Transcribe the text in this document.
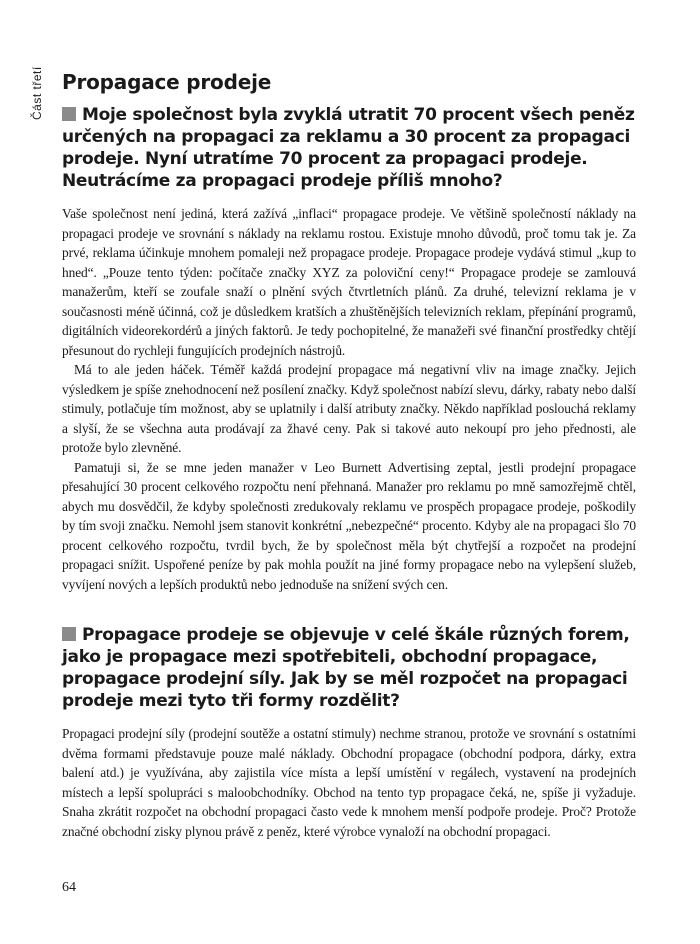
Část třetí Propagace prodeje
Moje společnost byla zvyklá utratit 70 procent všech peněz určených na propagaci za reklamu a 30 procent za propagaci prodeje. Nyní utratíme 70 procent za propagaci prodeje. Neutrácíme za propagaci prodeje příliš mnoho?

Vaše společnost není jediná, která zažívá „inflaci“ propagace prodeje. Ve většině společností náklady na propagaci prodeje ve srovnání s náklady na reklamu rostou. Existuje mnoho důvodů, proč tomu tak je. Za prvé, reklama účinkuje mnohem pomaleji než propagace prodeje. Propagace prodeje vydává stimul „kup to hned“. „Pouze tento týden: počítače značky XYZ za poloviční ceny!“ Propagace prodeje se zamlouvá manažerům, kteří se zoufale snaží o plnění svých čtvrtletních plánů. Za druhé, televizní reklama je v současnosti méně účinná, což je důsledkem kratších a zhuštěnějších televizních reklam, přepínání programů, digitálních videorekordérů a jiných faktorů. Je tedy pochopitelné, že manažeři své finanční prostředky chtějí přesunout do rychleji fungujících prodejních nástrojů.

Má to ale jeden háček. Téměř každá prodejní propagace má negativní vliv na image značky. Jejich výsledkem je spíše znehodnocení než posílení značky. Když společnost nabízí slevu, dárky, rabaty nebo další stimuly, potlačuje tím možnost, aby se uplatnily i další atributy značky. Někdo například poslouchá reklamy a slyší, že se všechna auta prodávají za žhavé ceny. Pak si takové auto nekoupí pro jeho přednosti, ale protože bylo zlevněné.

Pamatuji si, že se mne jeden manažer v Leo Burnett Advertising zeptal, jestli prodejní propagace přesahující 30 procent celkového rozpočtu není přehnaná. Manažer pro reklamu po mně samozřejmě chtěl, abych mu dosvědčil, že kdyby společnosti zredukovaly reklamu ve prospěch propagace prodeje, poškodily by tím svoji značku. Nemohl jsem stanovit konkrétní „nebezpečné“ procento. Kdyby ale na propagaci šlo 70 procent celkového rozpočtu, tvrdil bych, že by společnost měla být chytřejší a rozpočet na prodejní propagaci snížit. Uspořené peníze by pak mohla použít na jiné formy propagace nebo na vylepšení služeb, vyvíjení nových a lepších produktů nebo jednoduše na snížení svých cen.

Propagace prodeje se objevuje v celé škále různých forem, jako je propagace mezi spotřebiteli, obchodní propagace, propagace prodejní síly. Jak by se měl rozpočet na propagaci prodeje mezi tyto tři formy rozdělit?

Propagaci prodejní síly (prodejní soutěže a ostatní stimuly) nechme stranou, protože ve srovnání s ostatními dvěma formami představuje pouze malé náklady. Obchodní propagace (obchodní podpora, dárky, extra balení atd.) je využívána, aby zajistila více místa a lepší umístění v regálech, vystavení na prodejních místech a lepší spolupráci s maloobchodníky. Obchod na tento typ propagace čeká, ne, spíše ji vyžaduje. Snaha zkrátit rozpočet na obchodní propagaci často vede k mnohem menší podpoře prodeje. Proč? Protože značné obchodní zisky plynou právě z peněz, které výrobce vynaloží na obchodní propagaci.

64
